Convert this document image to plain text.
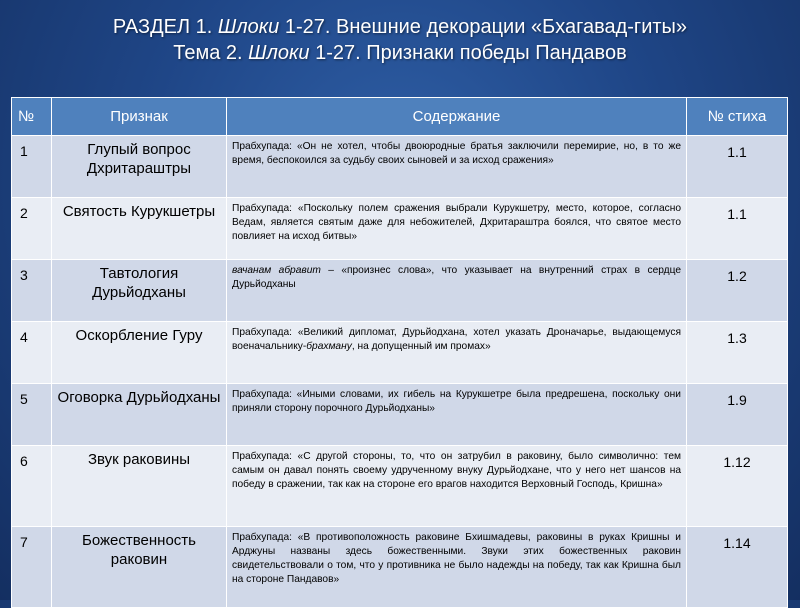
РАЗДЕЛ 1. Шлоки 1-27. Внешние декорации «Бхагавад-гиты»
Тема 2. Шлоки 1-27. Признаки победы Пандавов
№	Признак	Содержание	№ стиха
1	Глупый вопрос Дхритараштры	Прабхупада: «Он не хотел, чтобы двоюродные братья заключили перемирие, но, в то же время, беспокоился за судьбу своих сыновей и за исход сражения»	1.1
2	Святость Курукшетры	Прабхупада: «Поскольку полем сражения выбрали Курукшетру, место, которое, согласно Ведам, является святым даже для небожителей, Дхритараштра боялся, что святое место повлияет на исход битвы»	1.1
3	Тавтология Дурьйодханы	вачанам абравит – «произнес слова», что указывает на внутренний страх в сердце Дурьйодханы	1.2
4	Оскорбление Гуру	Прабхупада: «Великий дипломат, Дурьйодхана, хотел указать Дроначарье, выдающемуся военачальнику-брахману, на допущенный им промах»	1.3
5	Оговорка Дурьйодханы	Прабхупада: «Иными словами, их гибель на Курукшетре была предрешена, поскольку они приняли сторону порочного Дурьйодханы»	1.9
6	Звук раковины	Прабхупада: «С другой стороны, то, что он затрубил в раковину, было символично: тем самым он давал понять своему удрученному внуку Дурьйодхане, что у него нет шансов на победу в сражении, так как на стороне его врагов находится Верховный Господь, Кришна»	1.12
7	Божественность раковин	Прабхупада: «В противоположность раковине Бхишмадевы, раковины в руках Кришны и Арджуны названы здесь божественными. Звуки этих божественных раковин свидетельствовали о том, что у противника не было надежды на победу, так как Кришна был на стороне Пандавов»	1.14
